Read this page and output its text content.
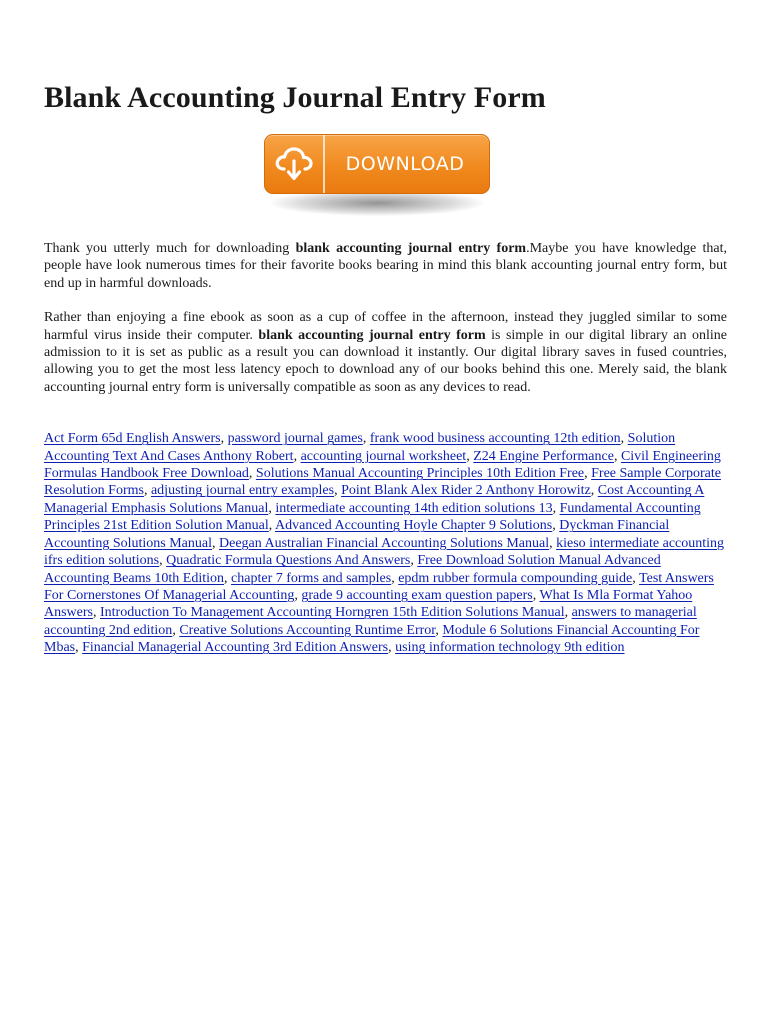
Blank Accounting Journal Entry Form
DOWNLOAD

Thank you utterly much for downloading blank accounting journal entry form.Maybe you have knowledge that, people have look numerous times for their favorite books bearing in mind this blank accounting journal entry form, but end up in harmful downloads.

Rather than enjoying a fine ebook as soon as a cup of coffee in the afternoon, instead they juggled similar to some harmful virus inside their computer. blank accounting journal entry form is simple in our digital library an online admission to it is set as public as a result you can download it instantly. Our digital library saves in fused countries, allowing you to get the most less latency epoch to download any of our books behind this one. Merely said, the blank accounting journal entry form is universally compatible as soon as any devices to read.

Act Form 65d English Answers, password journal games, frank wood business accounting 12th edition, Solution Accounting Text And Cases Anthony Robert, accounting journal worksheet, Z24 Engine Performance, Civil Engineering Formulas Handbook Free Download, Solutions Manual Accounting Principles 10th Edition Free, Free Sample Corporate Resolution Forms, adjusting journal entry examples, Point Blank Alex Rider 2 Anthony Horowitz, Cost Accounting A Managerial Emphasis Solutions Manual, intermediate accounting 14th edition solutions 13, Fundamental Accounting Principles 21st Edition Solution Manual, Advanced Accounting Hoyle Chapter 9 Solutions, Dyckman Financial Accounting Solutions Manual, Deegan Australian Financial Accounting Solutions Manual, kieso intermediate accounting ifrs edition solutions, Quadratic Formula Questions And Answers, Free Download Solution Manual Advanced Accounting Beams 10th Edition, chapter 7 forms and samples, epdm rubber formula compounding guide, Test Answers For Cornerstones Of Managerial Accounting, grade 9 accounting exam question papers, What Is Mla Format Yahoo Answers, Introduction To Management Accounting Horngren 15th Edition Solutions Manual, answers to managerial accounting 2nd edition, Creative Solutions Accounting Runtime Error, Module 6 Solutions Financial Accounting For Mbas, Financial Managerial Accounting 3rd Edition Answers, using information technology 9th edition
